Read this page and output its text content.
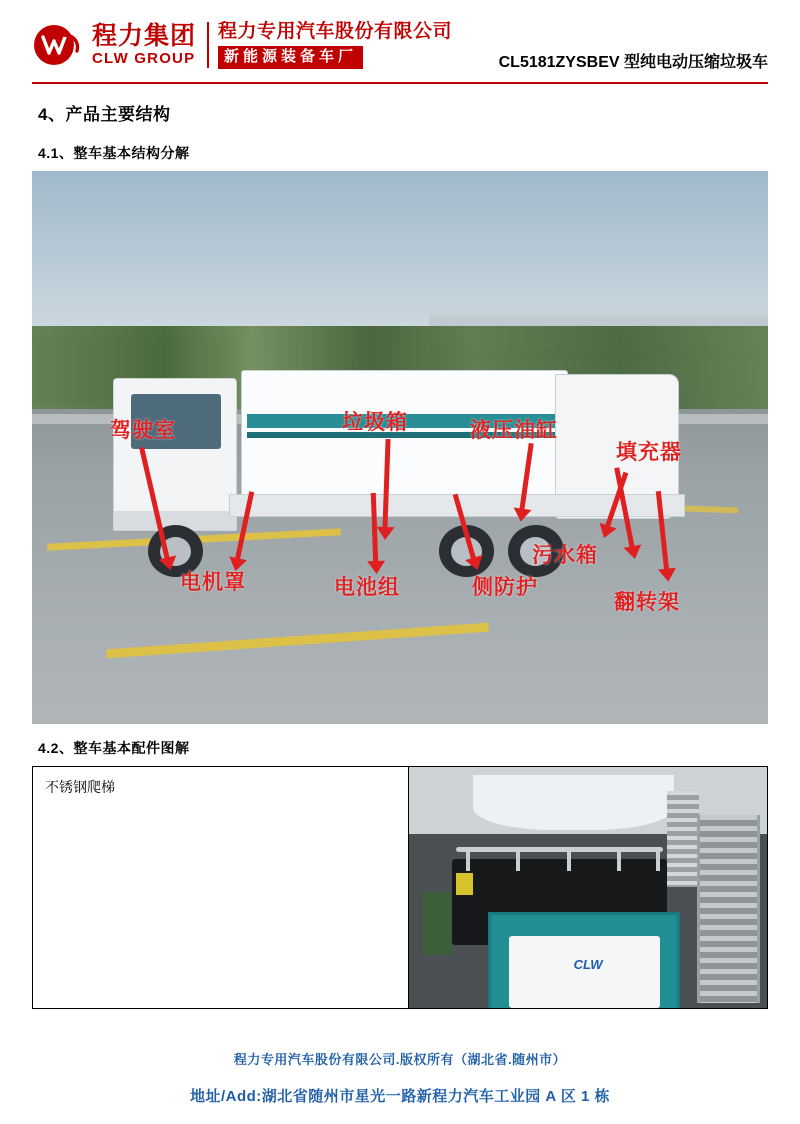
程力集团
CLW GROUP
程力专用汽车股份有限公司
新能源装备车厂	CL5181ZYSBEV 型纯电动压缩垃圾车
4、产品主要结构
4.1、整车基本结构分解
驾驶室	垃圾箱	液压油缸
填充器
电机罩	电池组	侧防护
污水箱
翻转架
4.2、整车基本配件图解
不锈钢爬梯
CLW
程力专用汽车股份有限公司.版权所有（湖北省.随州市）
地址/Add:湖北省随州市星光一路新程力汽车工业园 A 区 1 栋
